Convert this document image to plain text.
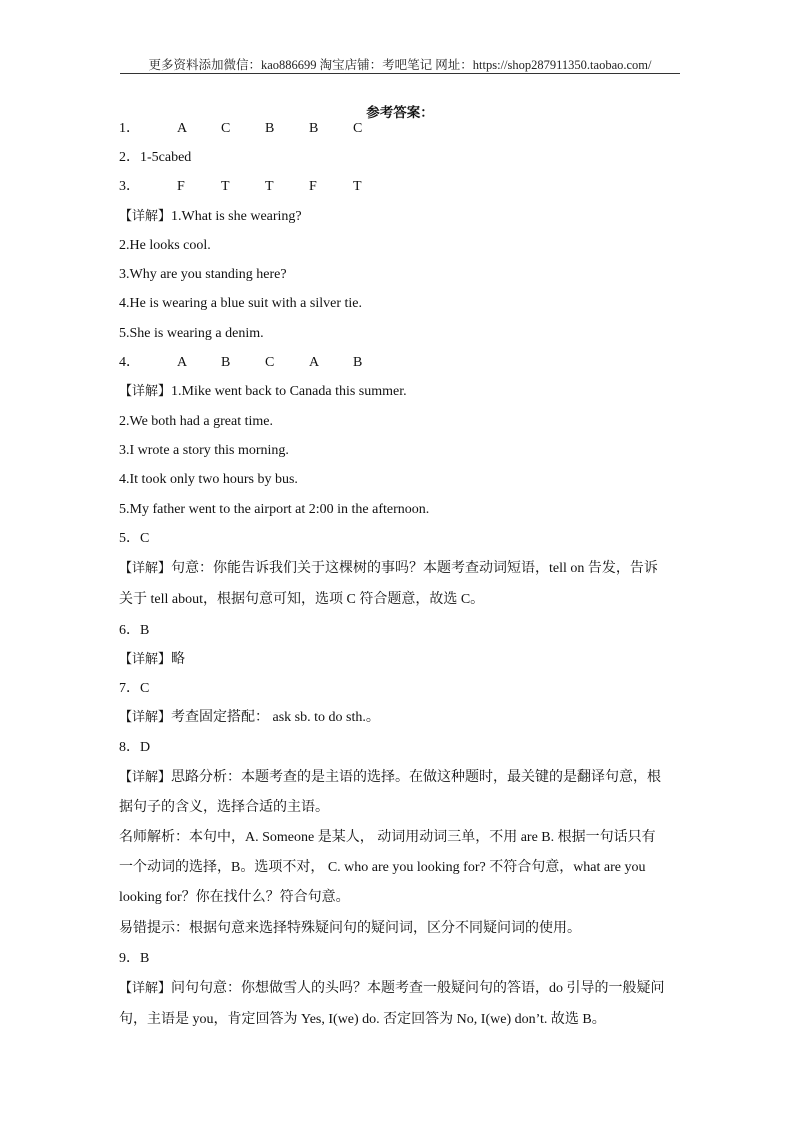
更多资料添加微信：kao886699 淘宝店铺：考吧笔记 网址：https://shop287911350.taobao.com/
参考答案：
1．	A C B B C
2．1-5cabed
3．	F	T	T	F	T
【详解】1.What is she wearing?
2.He looks cool.
3.Why are you standing here?
4.He is wearing a blue suit with a silver tie.
5.She is wearing a denim.
4．	A B C A B
【详解】1.Mike went back to Canada this summer.
2.We both had a great time.
3.I wrote a story this morning.
4.It took only two hours by bus.
5.My father went to the airport at 2:00 in the afternoon.
5．C
【详解】句意：你能告诉我们关于这棵树的事吗？本题考查动词短语，tell on 告发，告诉
关于 tell about，根据句意可知，选项 C 符合题意，故选 C。
6．B
【详解】略
7．C
【详解】考查固定搭配： ask sb. to do sth.。
8．D
【详解】思路分析：本题考查的是主语的选择。在做这种题时，最关键的是翻译句意，根
据句子的含义，选择合适的主语。
名师解析：本句中，A. Someone 是某人， 动词用动词三单，不用 are B. 根据一句话只有
一个动词的选择，B。选项不对， C. who are you looking for? 不符合句意，what are you
looking for？你在找什么？符合句意。
易错提示：根据句意来选择特殊疑问句的疑问词，区分不同疑问词的使用。
9．B
【详解】问句句意：你想做雪人的头吗？本题考查一般疑问句的答语，do 引导的一般疑问
句，主语是 you，肯定回答为 Yes, I(we) do. 否定回答为 No, I(we) don’t. 故选 B。
